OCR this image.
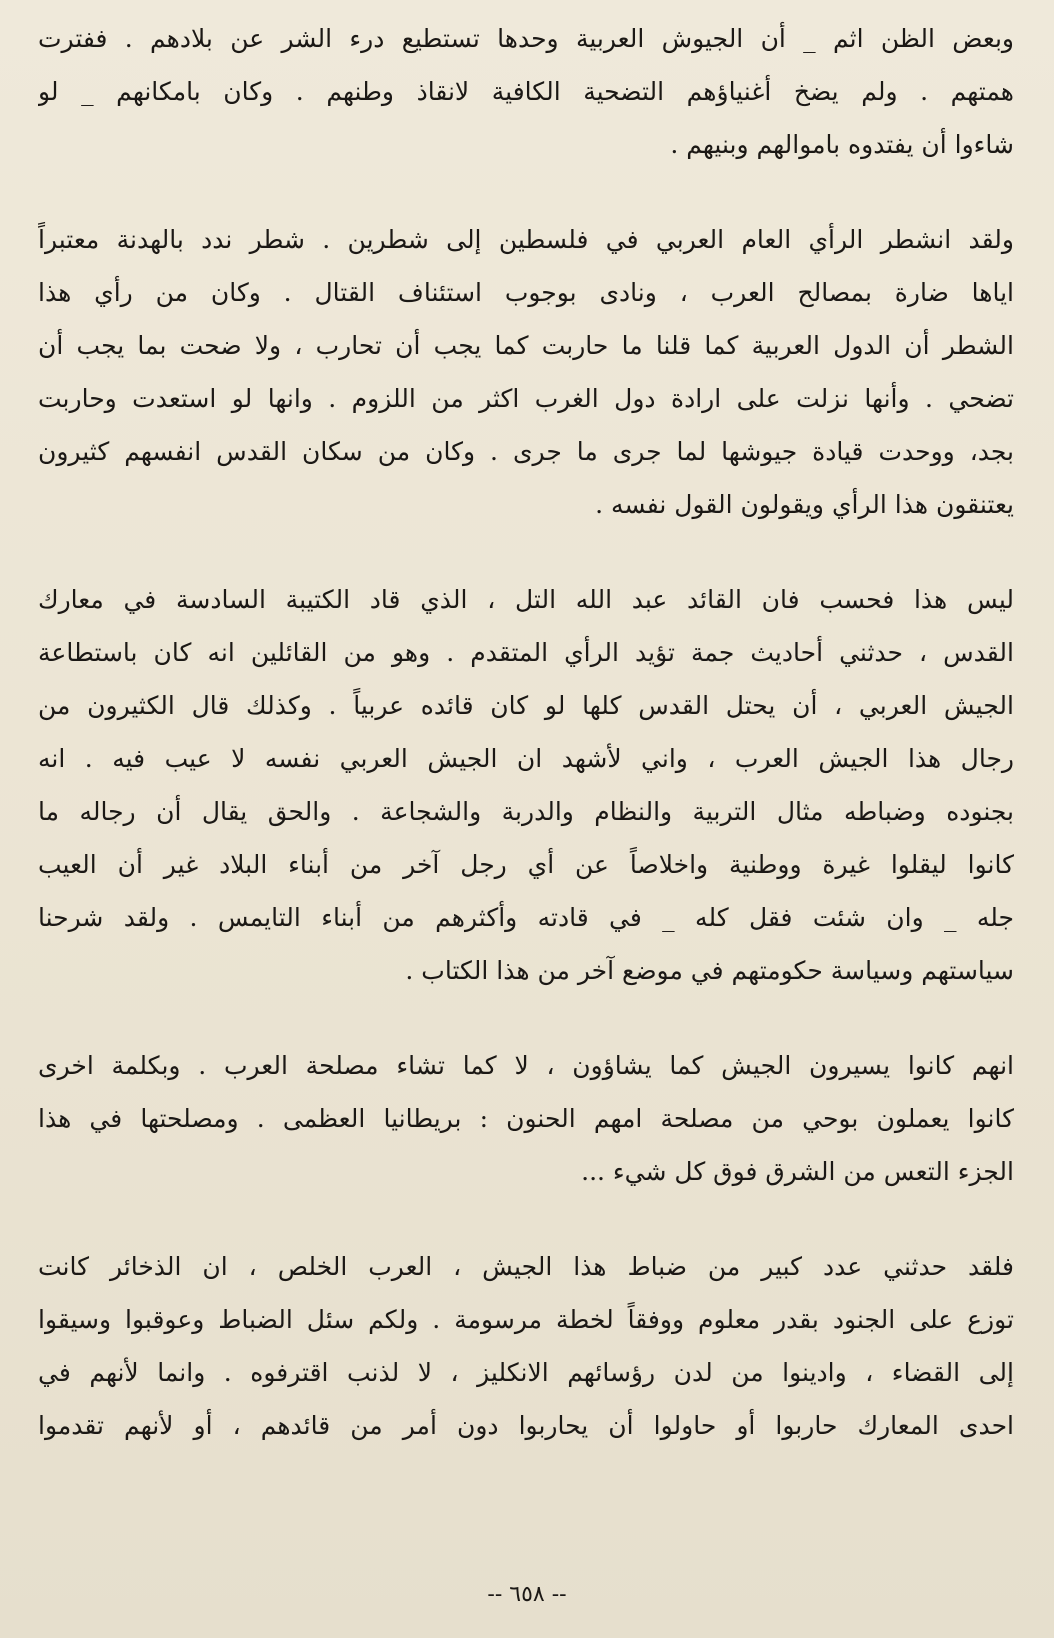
وبعض الظن اثم _ أن الجيوش العربية وحدها تستطيع درء الشر عن بلادهم . ففترت
همتهم . ولم يضخ أغنياؤهم التضحية الكافية لانقاذ وطنهم . وكان بامكانهم _ لو
شاءوا أن يفتدوه باموالهم وبنيهم .
ولقد انشطر الرأي العام العربي في فلسطين إلى شطرين . شطر ندد بالهدنة معتبراً
اياها ضارة بمصالح العرب ، ونادى بوجوب استئناف القتال . وكان من رأي هذا
الشطر أن الدول العربية كما قلنا ما حاربت كما يجب أن تحارب ، ولا ضحت بما يجب أن
تضحي . وأنها نزلت على ارادة دول الغرب اكثر من اللزوم . وانها لو استعدت وحاربت
بجد، ووحدت قيادة جيوشها لما جرى ما جرى . وكان من سكان القدس انفسهم كثيرون
يعتنقون هذا الرأي ويقولون القول نفسه .
ليس هذا فحسب فان القائد عبد الله التل ، الذي قاد الكتيبة السادسة في معارك
القدس ، حدثني أحاديث جمة تؤيد الرأي المتقدم . وهو من القائلين انه كان باستطاعة
الجيش العربي ، أن يحتل القدس كلها لو كان قائده عربياً . وكذلك قال الكثيرون من
رجال هذا الجيش العرب ، واني لأشهد ان الجيش العربي نفسه لا عيب فيه . انه
بجنوده وضباطه مثال التربية والنظام والدربة والشجاعة . والحق يقال أن رجاله ما
كانوا ليقلوا غيرة ووطنية واخلاصاً عن أي رجل آخر من أبناء البلاد غير أن العيب
جله _ وان شئت فقل كله _ في قادته وأكثرهم من أبناء التايمس . ولقد شرحنا
سياستهم وسياسة حكومتهم في موضع آخر من هذا الكتاب .
انهم كانوا يسيرون الجيش كما يشاؤون ، لا كما تشاء مصلحة العرب . وبكلمة اخرى
كانوا يعملون بوحي من مصلحة امهم الحنون : بريطانيا العظمى . ومصلحتها في هذا
الجزء التعس من الشرق فوق كل شيء ...
فلقد حدثني عدد كبير من ضباط هذا الجيش ، العرب الخلص ، ان الذخائر كانت
توزع على الجنود بقدر معلوم ووفقاً لخطة مرسومة . ولكم سئل الضباط وعوقبوا وسيقوا
إلى القضاء ، وادينوا من لدن رؤسائهم الانكليز ، لا لذنب اقترفوه . وانما لأنهم في
احدى المعارك حاربوا أو حاولوا أن يحاربوا دون أمر من قائدهم ، أو لأنهم تقدموا
-- ٦٥٨ --
